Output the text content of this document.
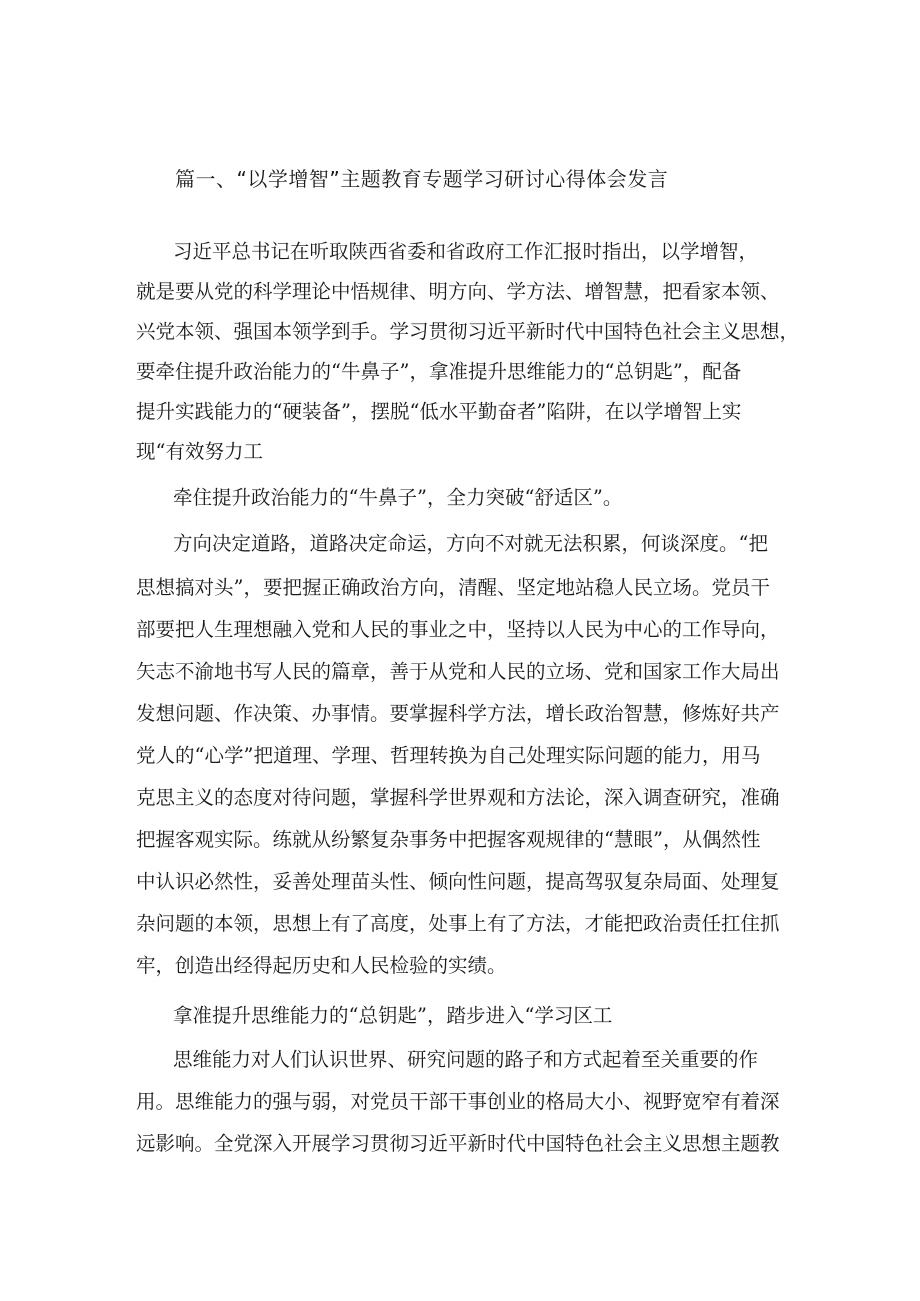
篇一、“以学增智”主题教育专题学习研讨心得体会发言
习近平总书记在听取陕西省委和省政府工作汇报时指出，以学增智，
就是要从党的科学理论中悟规律、明方向、学方法、增智慧，把看家本领、
兴党本领、强国本领学到手。学习贯彻习近平新时代中国特色社会主义思想，
要牵住提升政治能力的“牛鼻子”，拿准提升思维能力的“总钥匙”，配备
提升实践能力的“硬装备”，摆脱“低水平勤奋者”陷阱，在以学增智上实
现“有效努力工
牵住提升政治能力的“牛鼻子”，全力突破“舒适区”。
方向决定道路，道路决定命运，方向不对就无法积累，何谈深度。“把
思想搞对头”，要把握正确政治方向，清醒、坚定地站稳人民立场。党员干
部要把人生理想融入党和人民的事业之中，坚持以人民为中心的工作导向，
矢志不渝地书写人民的篇章，善于从党和人民的立场、党和国家工作大局出
发想问题、作决策、办事情。要掌握科学方法，增长政治智慧，修炼好共产
党人的“心学”把道理、学理、哲理转换为自己处理实际问题的能力，用马
克思主义的态度对待问题，掌握科学世界观和方法论，深入调查研究，准确
把握客观实际。练就从纷繁复杂事务中把握客观规律的“慧眼”，从偶然性
中认识必然性，妥善处理苗头性、倾向性问题，提高驾驭复杂局面、处理复
杂问题的本领，思想上有了高度，处事上有了方法，才能把政治责任扛住抓
牢，创造出经得起历史和人民检验的实绩。
拿准提升思维能力的“总钥匙”，踏步进入“学习区工
思维能力对人们认识世界、研究问题的路子和方式起着至关重要的作
用。思维能力的强与弱，对党员干部干事创业的格局大小、视野宽窄有着深
远影响。全党深入开展学习贯彻习近平新时代中国特色社会主义思想主题教
